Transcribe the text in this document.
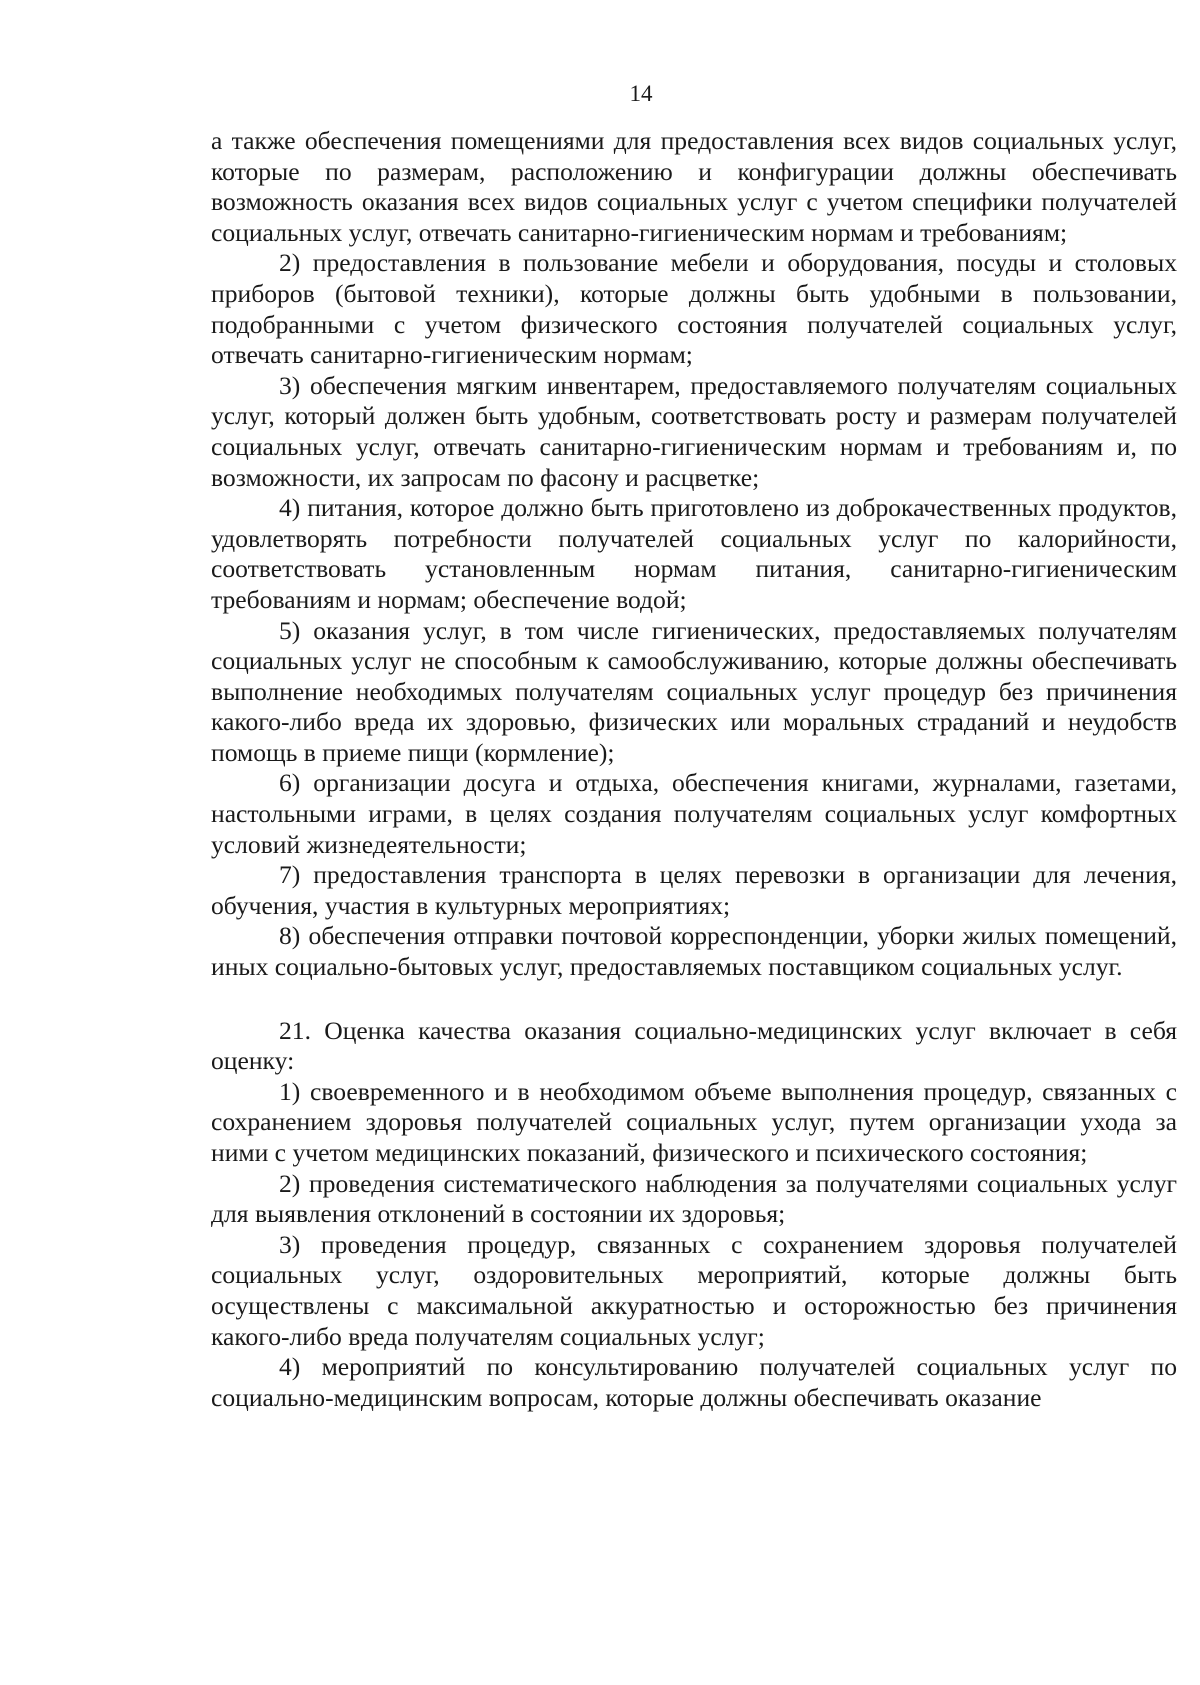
14

а также обеспечения помещениями для предоставления всех видов социальных услуг, которые по размерам, расположению и конфигурации должны обеспечивать возможность оказания всех видов социальных услуг с учетом специфики получателей социальных услуг, отвечать санитарно-гигиеническим нормам и требованиям;

2) предоставления в пользование мебели и оборудования, посуды и столовых приборов (бытовой техники), которые должны быть удобными в пользовании, подобранными с учетом физического состояния получателей социальных услуг, отвечать санитарно-гигиеническим нормам;

3) обеспечения мягким инвентарем, предоставляемого получателям социальных услуг, который должен быть удобным, соответствовать росту и размерам получателей социальных услуг, отвечать санитарно-гигиеническим нормам и требованиям и, по возможности, их запросам по фасону и расцветке;

4) питания, которое должно быть приготовлено из доброкачественных продуктов, удовлетворять потребности получателей социальных услуг по калорийности, соответствовать установленным нормам питания, санитарно-гигиеническим требованиям и нормам; обеспечение водой;

5) оказания услуг, в том числе гигиенических, предоставляемых получателям социальных услуг не способным к самообслуживанию, которые должны обеспечивать выполнение необходимых получателям социальных услуг процедур без причинения какого-либо вреда их здоровью, физических или моральных страданий и неудобств помощь в приеме пищи (кормление);

6) организации досуга и отдыха, обеспечения книгами, журналами, газетами, настольными играми, в целях создания получателям социальных услуг комфортных условий жизнедеятельности;

7) предоставления транспорта в целях перевозки в организации для лечения, обучения, участия в культурных мероприятиях;

8) обеспечения отправки почтовой корреспонденции, уборки жилых помещений, иных социально-бытовых услуг, предоставляемых поставщиком социальных услуг.

21. Оценка качества оказания социально-медицинских услуг включает в себя оценку:

1) своевременного и в необходимом объеме выполнения процедур, связанных с сохранением здоровья получателей социальных услуг, путем организации ухода за ними с учетом медицинских показаний, физического и психического состояния;

2) проведения систематического наблюдения за получателями социальных услуг для выявления отклонений в состоянии их здоровья;

3) проведения процедур, связанных с сохранением здоровья получателей социальных услуг, оздоровительных мероприятий, которые должны быть осуществлены с максимальной аккуратностью и осторожностью без причинения какого-либо вреда получателям социальных услуг;

4) мероприятий по консультированию получателей социальных услуг по социально-медицинским вопросам, которые должны обеспечивать оказание
